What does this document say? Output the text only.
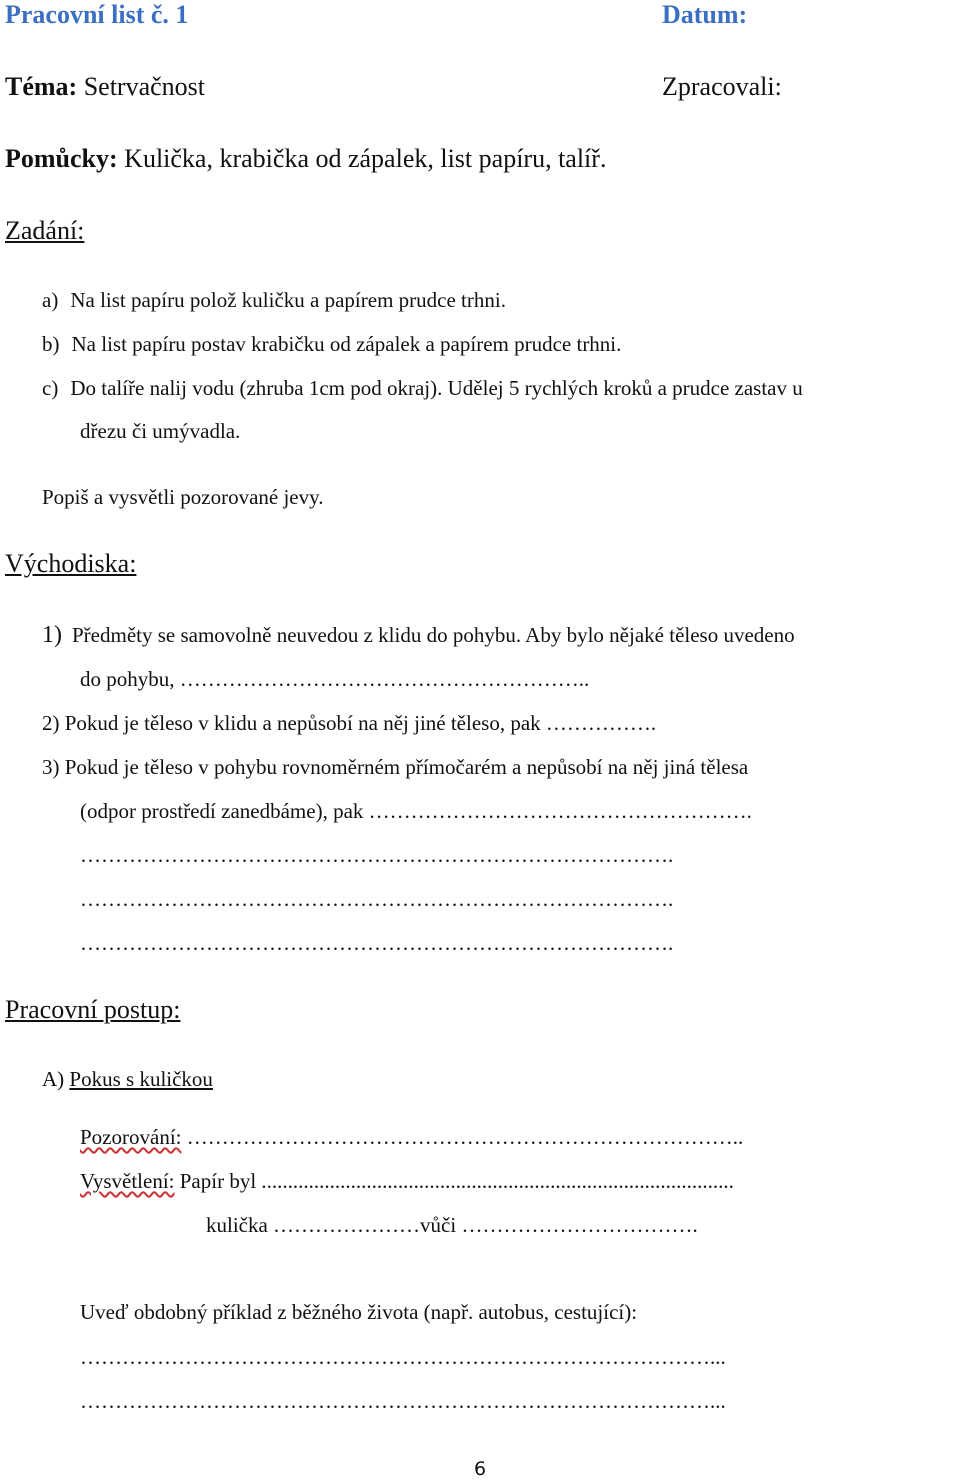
Pracovní list č. 1	Datum:
Téma: Setrvačnost	Zpracovali:
Pomůcky: Kulička, krabička od zápalek, list papíru, talíř.
Zadání:
a) Na list papíru polož kuličku a papírem prudce trhni.
b) Na list papíru postav krabičku od zápalek a papírem prudce trhni.
c) Do talíře nalij vodu (zhruba 1cm pod okraj). Udělej 5 rychlých kroků a prudce zastav u
dřezu či umývadla.
Popiš a vysvětli pozorované jevy.
Východiska:
1) Předměty se samovolně neuvedou z klidu do pohybu. Aby bylo nějaké těleso uvedeno
do pohybu, …………………………………………………..
2) Pokud je těleso v klidu a nepůsobí na něj jiné těleso, pak …………….
3) Pokud je těleso v pohybu rovnoměrném přímočarém a nepůsobí na něj jiná tělesa
(odpor prostředí zanedbáme), pak ……………………………………………….
………………………………………………………………………….
………………………………………………………………………….
………………………………………………………………………….
Pracovní postup:
A) Pokus s kuličkou
Pozorování: ……………………………………………………………………..
Vysvětlení: Papír byl ..........................................................................................
kulička …………………vůči …………………………….
Uveď obdobný příklad z běžného života (např. autobus, cestující):
………………………………………………………………………………...
………………………………………………………………………………...
6
